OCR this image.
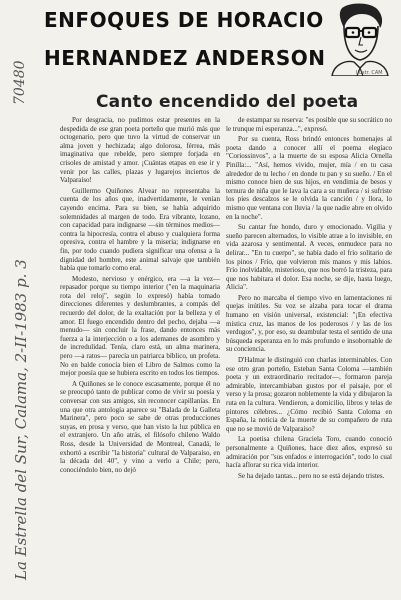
70480
La Estrella del Sur, Calama, 2-II-1983 p. 3
ENFOQUES DE HORACIO
HERNANDEZ ANDERSON
Ilustr. CAM
Canto encendido del poeta

Por desgracia, no pudimos estar presentes en la despedida de ese gran poeta porteño que murió más que octogenario, pero que tuvo la virtud de conservar un alma joven y hechizada; algo dolorosa, férrea, más imaginativa que rebelde, pero siempre forjada en crisoles de amistad y amor. ¡Cuántas etapas en ese ir y venir por las calles, plazas y lugarejos inciertos de Valparaíso!

Guillermo Quiñones Alvear no representaba la cuenta de los años que, inadvertidamente, le venían cayendo encima. Para su bien, se había adquirido solemnidades al margen de todo. Era vibrante, lozano, con capacidad para indignarse —sin términos medios— contra la hipocresía, contra el abuso y cualquiera forma opresiva, contra el hambre y la miseria; indignarse en fin, por todo cuando pudiera significar una ofensa a la dignidad del hombre, este animal salvaje que también había que tomarlo como eral.

Modesto, nervioso y enérgico, era —a la vez— repasador porque su tiempo interior ("en la maquinaria rota del reloj", según lo expresó) había tomado direcciones diferentes y deslumbrantes, a compás del recuerdo del dolor, de la exaltación por la belleza y el amor. El fuego encendido dentro del pecho, dejaba —a menudo— sin concluir la frase, dando entonces más fuerza a la interjección o a los ademanes de asombro y de incredulidad. Tenía, claro está, un alma marinera, pero —a ratos— parecía un patriarca bíblico, un profeta. No en balde conocía bien el Libro de Salmos como la mejor poesía que se hubiera escrito en todos los tiempos.

A Quiñones se le conoce escasamente, porque él no se preocupó tanto de publicar como de vivir su poesía y conversar con sus amigos, sin reconocer capillanías. En una que otra antología aparece su "Balada de la Galleta Marinera", pero poco se sabe de otras producciones suyas, en prosa y verso, que han visto la luz pública en el extranjero. Un año atrás, el filósofo chileno Waldo Ross, desde la Universidad de Montreal, Canadá, le exhortó a escribir "la historia" cultural de Valparaíso, en la década del 40", y vino a verlo a Chile; pero, conociéndolo bien, no dejó

de estampar su reserva: "es posible que su socrático no le trunque mi esperanza...", expresó.

Por su cuenta, Ross brindó entonces homenajes al poeta dando a conocer allí el poema elegíaco "Coriossinvos", a la muerte de su esposa Alicia Ornella Pinilla:... "Así, hemos vivido, mujer, mía / en tu casa alrededor de tu lecho / en donde tu pan y su sueño. / En el mismo conoce bien de sus hijos, en vendimia de besos y ternura de niña que le lava la cara a su muñeca / si sufriste los pies descalzos se le olvida la canción / y llora, lo mismo que ventana con lluvia / la que nadie abre en olvido en la noche".

Su cantar fue hondo, duro y emocionado. Vigilia y sueño parecen alternados, lo visible atrae a lo invisible, en vida azarosa y sentimental. A veces, enmudece para no delirar... "En tu cuerpo", se había dado el frío solitario de los pinos / Frío, que volvieron mis manos y mis labios. Frío inolvidable, misterioso, que nos borró la tristeza, para que nos habitara el dolor. Esa noche, se dije, hasta luego, Alicia".

Pero no marcaba el tiempo vivo en lamentaciones ni quejas inútiles. Su voz se alzaba para tocar el drama humano en visión universal, existencial: "¡En efectiva mística cruz, las manos de los poderosos / y las de los verdugos", y, por eso, su deambular testa el sentido de una búsqueda esperanza en lo más profundo e insobornable de su conciencia.

D'Halmar le distinguió con charlas interminables. Con ese otro gran porteño, Esteban Santa Coloma —también poeta y un extraordinario recitador—, formaron pareja admirable, intercambiaban gustos por el paisaje, por el verso y la prosa; gozaron noblemente la vida y dibujaron la ruta en la cultura. Vendieron, a domicilio, libros y telas de pintores célebres... ¿Cómo recibió Santa Coloma en España, la noticia de la muerte de su compañero de ruta que no se movió de Valparaíso?

La poetisa chilena Graciela Toro, cuando conoció personalmente a Quiñones, hace diez años, expresó su admiración por "sus enfados e interrogación", todo lo cual hacía aflorar su rica vida interior.

Se ha dejado tantas... pero no se está dejando tristes.
